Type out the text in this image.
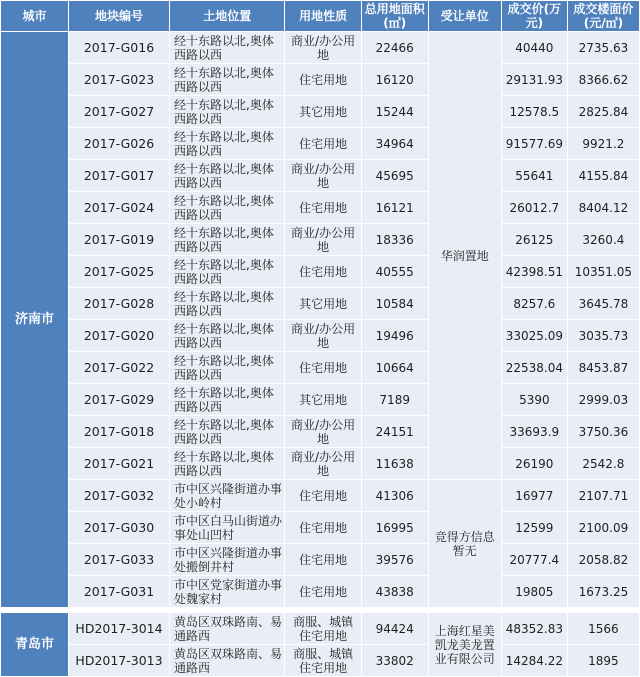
城市	地块编号	土地位置	用地性质	总用地面积(㎡)	受让单位	成交价(万元)	成交楼面价(元/㎡)
济南市	2017-G016	经十东路以北,奥体西路以西	商业/办公用地	22466	华润置地	40440	2735.63
	2017-G023	经十东路以北,奥体西路以西	住宅用地	16120		29131.93	8366.62
	2017-G027	经十东路以北,奥体西路以西	其它用地	15244		12578.5	2825.84
	2017-G026	经十东路以北,奥体西路以西	住宅用地	34964		91577.69	9921.2
	2017-G017	经十东路以北,奥体西路以西	商业/办公用地	45695		55641	4155.84
	2017-G024	经十东路以北,奥体西路以西	住宅用地	16121		26012.7	8404.12
	2017-G019	经十东路以北,奥体西路以西	商业/办公用地	18336		26125	3260.4
	2017-G025	经十东路以北,奥体西路以西	住宅用地	40555		42398.51	10351.05
	2017-G028	经十东路以北,奥体西路以西	其它用地	10584		8257.6	3645.78
	2017-G020	经十东路以北,奥体西路以西	商业/办公用地	19496		33025.09	3035.73
	2017-G022	经十东路以北,奥体西路以西	住宅用地	10664		22538.04	8453.87
	2017-G029	经十东路以北,奥体西路以西	其它用地	7189		5390	2999.03
	2017-G018	经十东路以北,奥体西路以西	商业/办公用地	24151		33693.9	3750.36
	2017-G021	经十东路以北,奥体西路以西	商业/办公用地	11638		26190	2542.8
	2017-G032	市中区兴隆街道办事处小岭村	住宅用地	41306	竞得方信息暂无	16977	2107.71
	2017-G030	市中区白马山街道办事处山凹村	住宅用地	16995		12599	2100.09
	2017-G033	市中区兴隆街道办事处搬倒井村	住宅用地	39576		20777.4	2058.82
	2017-G031	市中区党家街道办事处魏家村	住宅用地	43838		19805	1673.25

青岛市	HD2017-3014	黄岛区双珠路南、易通路西	商服、城镇住宅用地	94424	上海红星美凯龙美龙置业有限公司	48352.83	1566
	HD2017-3013	黄岛区双珠路南、易通路西	商服、城镇住宅用地	33802		14284.22	1895
